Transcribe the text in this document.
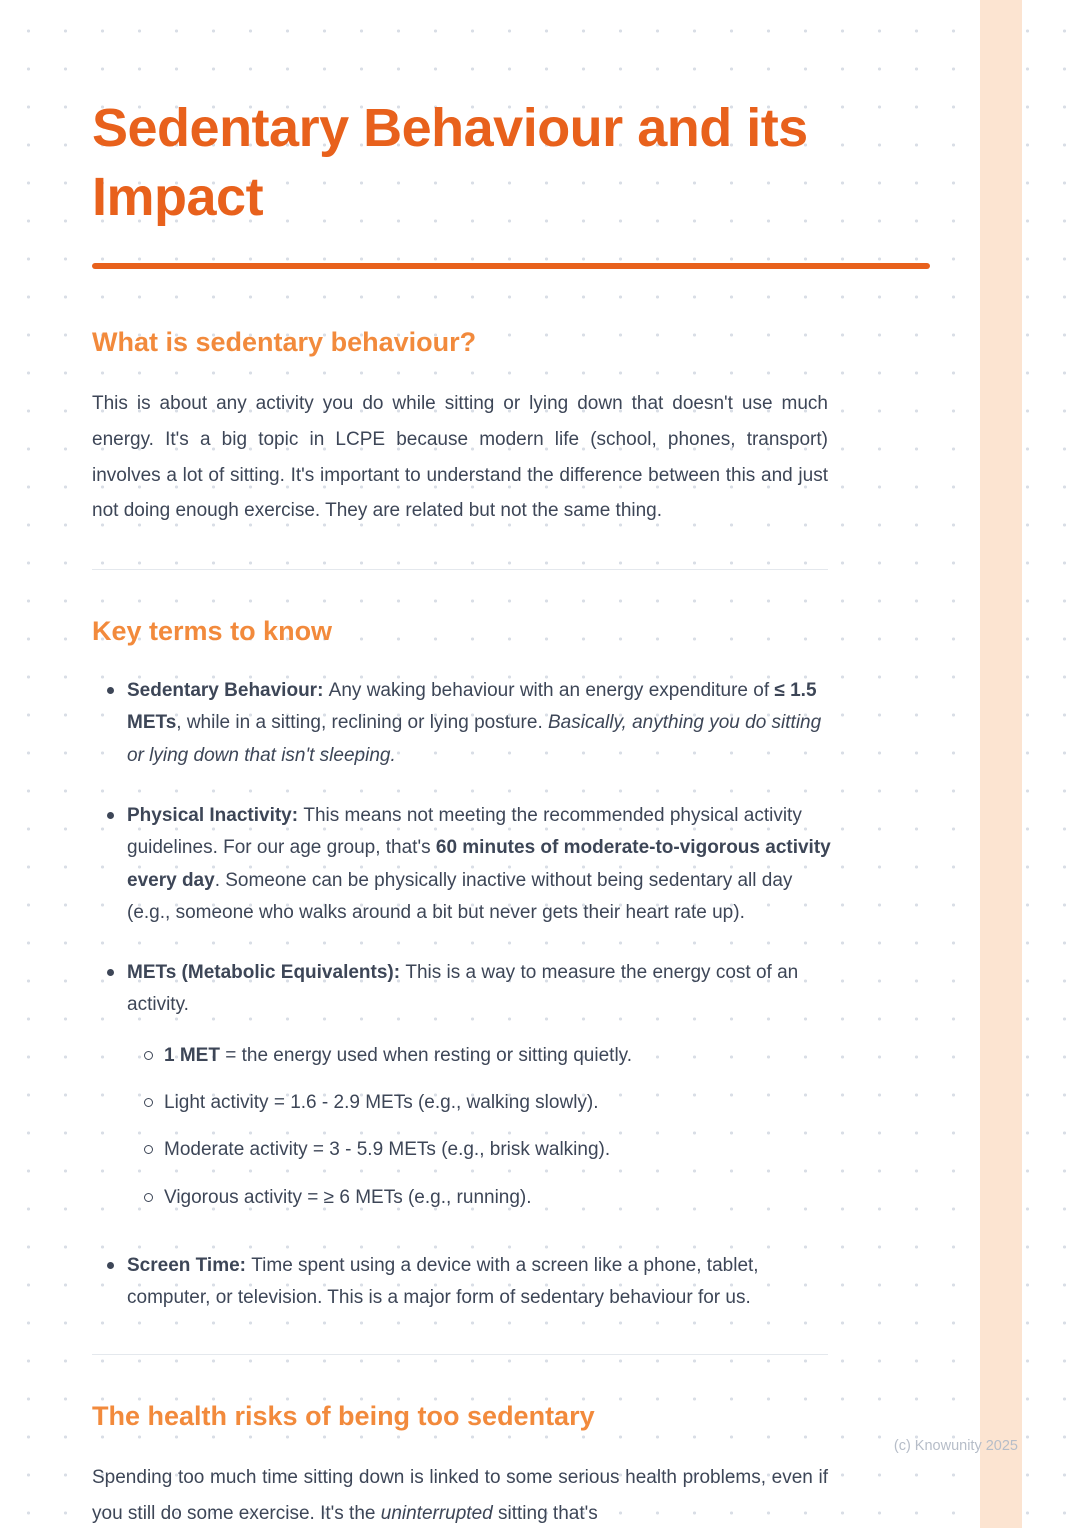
Sedentary Behaviour and its Impact
What is sedentary behaviour?

This is about any activity you do while sitting or lying down that doesn't use much energy. It's a big topic in LCPE because modern life (school, phones, transport) involves a lot of sitting. It's important to understand the difference between this and just not doing enough exercise. They are related but not the same thing.

Key terms to know
Sedentary Behaviour: Any waking behaviour with an energy expenditure of ≤ 1.5 METs, while in a sitting, reclining or lying posture. Basically, anything you do sitting or lying down that isn't sleeping.
Physical Inactivity: This means not meeting the recommended physical activity guidelines. For our age group, that's 60 minutes of moderate-to-vigorous activity every day. Someone can be physically inactive without being sedentary all day (e.g., someone who walks around a bit but never gets their heart rate up).
METs (Metabolic Equivalents): This is a way to measure the energy cost of an activity.
1 MET = the energy used when resting or sitting quietly.
Light activity = 1.6 - 2.9 METs (e.g., walking slowly).
Moderate activity = 3 - 5.9 METs (e.g., brisk walking).
Vigorous activity = ≥ 6 METs (e.g., running).
Screen Time: Time spent using a device with a screen like a phone, tablet, computer, or television. This is a major form of sedentary behaviour for us.
The health risks of being too sedentary

Spending too much time sitting down is linked to some serious health problems, even if you still do some exercise. It's the uninterrupted sitting that's

(c) Knowunity 2025
